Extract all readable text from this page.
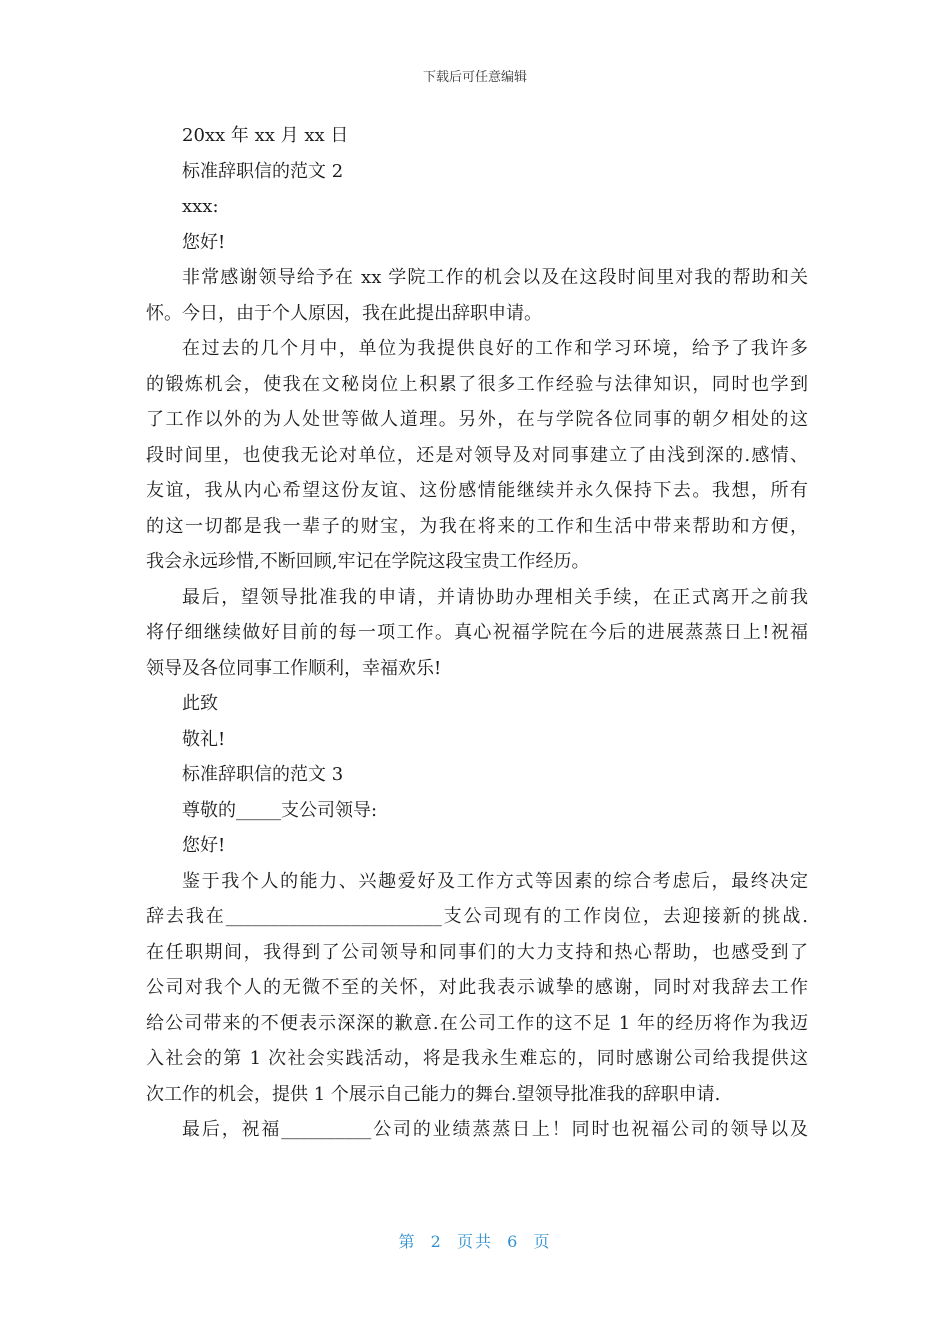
下载后可任意编辑
20xx 年 xx 月 xx 日
标准辞职信的范文 2
xxx:
您好!
非常感谢领导给予在 xx 学院工作的机会以及在这段时间里对我的帮助和关
怀。今日，由于个人原因，我在此提出辞职申请。
在过去的几个月中，单位为我提供良好的工作和学习环境，给予了我许多
的锻炼机会，使我在文秘岗位上积累了很多工作经验与法律知识，同时也学到
了工作以外的为人处世等做人道理。另外，在与学院各位同事的朝夕相处的这
段时间里，也使我无论对单位，还是对领导及对同事建立了由浅到深的.感情、
友谊，我从内心希望这份友谊、这份感情能继续并永久保持下去。我想，所有
的这一切都是我一辈子的财宝，为我在将来的工作和生活中带来帮助和方便，
我会永远珍惜,不断回顾,牢记在学院这段宝贵工作经历。
最后，望领导批准我的申请，并请协助办理相关手续，在正式离开之前我
将仔细继续做好目前的每一项工作。真心祝福学院在今后的进展蒸蒸日上!祝福
领导及各位同事工作顺利，幸福欢乐!
此致
敬礼!
标准辞职信的范文 3
尊敬的_____支公司领导:
您好!
鉴于我个人的能力、兴趣爱好及工作方式等因素的综合考虑后，最终决定
辞去我在________________________支公司现有的工作岗位，去迎接新的挑战.
在任职期间，我得到了公司领导和同事们的大力支持和热心帮助，也感受到了
公司对我个人的无微不至的关怀，对此我表示诚挚的感谢，同时对我辞去工作
给公司带来的不便表示深深的歉意.在公司工作的这不足 1 年的经历将作为我迈
入社会的第 1 次社会实践活动，将是我永生难忘的，同时感谢公司给我提供这
次工作的机会，提供 1 个展示自己能力的舞台.望领导批准我的辞职申请.
最后，祝福__________公司的业绩蒸蒸日上！同时也祝福公司的领导以及
第  2  页共  6  页
